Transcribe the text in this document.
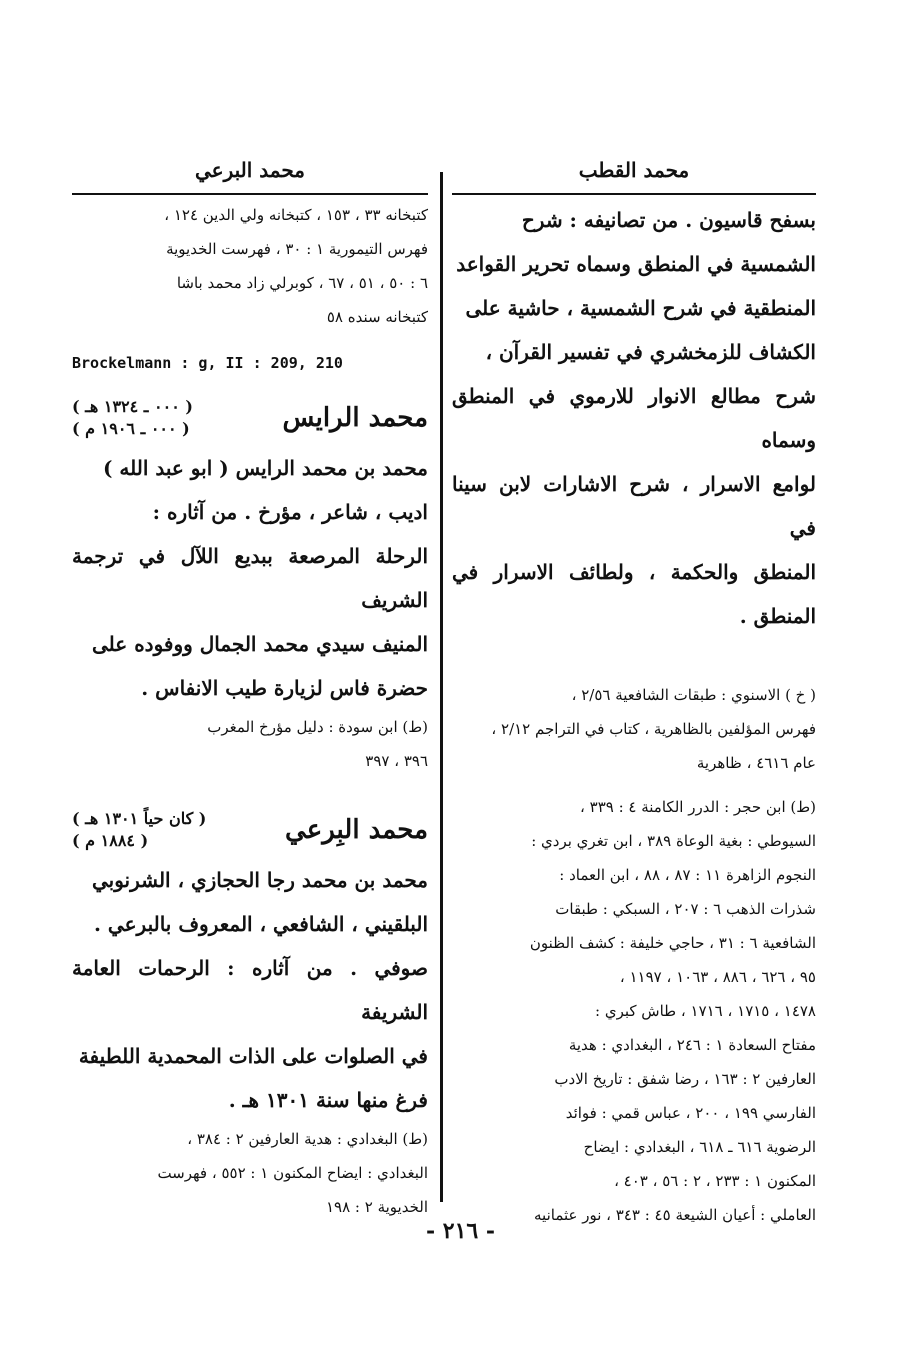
محمد القطب

بسفح قاسيون . من تصانيفه : شرح

الشمسية في المنطق وسماه تحرير القواعد

المنطقية في شرح الشمسية ، حاشية على

الكشاف للزمخشري في تفسير القرآن ،

شرح مطالع الانوار للارموي في المنطق وسماه

لوامع الاسرار ، شرح الاشارات لابن سينا في

المنطق والحكمة ، ولطائف الاسرار في المنطق .

( خ ) الاسنوي : طبقات الشافعية ٢/٥٦ ،

فهرس المؤلفين بالظاهرية ، كتاب في التراجم ٢/١٢ ،

عام ٤٦١٦ ، ظاهرية

(ط) ابن حجر : الدرر الكامنة ٤ : ٣٣٩ ،

السيوطي : بغية الوعاة ٣٨٩ ، ابن تغري بردي :

النجوم الزاهرة ١١ : ٨٧ ، ٨٨ ، ابن العماد :

شذرات الذهب ٦ : ٢٠٧ ، السبكي : طبقات

الشافعية ٦ : ٣١ ، حاجي خليفة : كشف الظنون

٩٥ ، ٦٢٦ ، ٨٨٦ ، ١٠٦٣ ، ١١٩٧ ،

١٤٧٨ ، ١٧١٥ ، ١٧١٦ ، طاش كبري :

مفتاح السعادة ١ : ٢٤٦ ، البغدادي : هدية

العارفين ٢ : ١٦٣ ، رضا شفق : تاريخ الادب

الفارسي ١٩٩ ، ٢٠٠ ، عباس قمي : فوائد

الرضوية ٦١٦ ـ ٦١٨ ، البغدادي : ايضاح

المكنون ١ : ٢٣٣ ، ٢ : ٥٦ ، ٤٠٣ ،

العاملي : أعيان الشيعة ٤٥ : ٣٤٣ ، نور عثمانيه

محمد البرعي

كتبخانه ٣٣ ، ١٥٣ ، كتبخانه ولي الدين ١٢٤ ،

فهرس التيمورية ١ : ٣٠ ، فهرست الخديوية

٦ : ٥٠ ، ٥١ ، ٦٧ ، كوبرلي زاد محمد باشا

كتبخانه سنده ٥٨

Brockelmann : g, II : 209, 210

محمد الرايس
( ٠٠٠ ـ ١٣٢٤ هـ )
( ٠٠٠ ـ ١٩٠٦ م )

محمد بن محمد الرايس ( ابو عبد الله )

اديب ، شاعر ، مؤرخ . من آثاره :

الرحلة المرصعة ببديع اللآل في ترجمة الشريف

المنيف سيدي محمد الجمال ووفوده على

حضرة فاس لزيارة طيب الانفاس .

(ط) ابن سودة : دليل مؤرخ المغرب

٣٩٦ ، ٣٩٧

محمد البِرعي
( كان حياً ١٣٠١ هـ )
( ١٨٨٤ م )

محمد بن محمد رجا الحجازي ، الشرنوبي

البلقيني ، الشافعي ، المعروف بالبرعي .

صوفي . من آثاره : الرحمات العامة الشريفة

في الصلوات على الذات المحمدية اللطيفة

فرغ منها سنة ١٣٠١ هـ .

(ط) البغدادي : هدية العارفين ٢ : ٣٨٤ ،

البغدادي : ايضاح المكنون ١ : ٥٥٢ ، فهرست

الخديوية ٢ : ١٩٨

- ٢١٦ -
